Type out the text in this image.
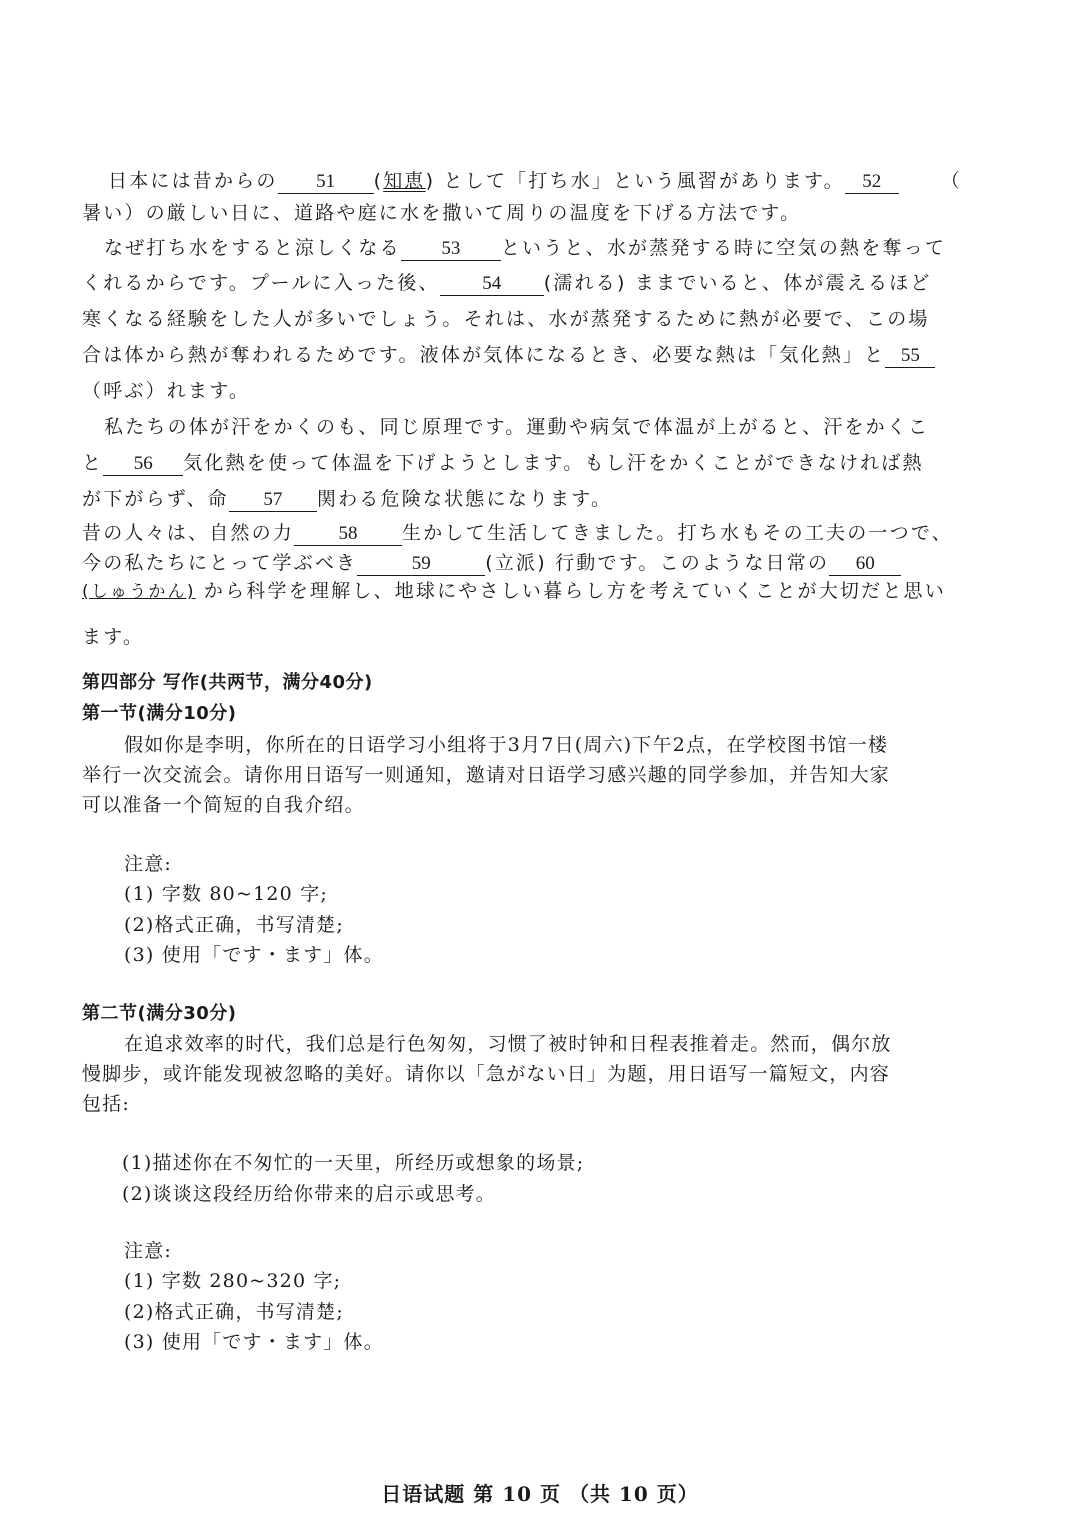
日本には昔からの 51 (知恵) として「打ち水」という風習があります。 52	（
暑い）の厳しい日に、道路や庭に水を撒いて周りの温度を下げる方法です。
なぜ打ち水をすると涼しくなる 53 というと、水が蒸発する時に空気の熱を奪って
くれるからです。プールに入った後、 54 (濡れる) ままでいると、体が震えるほど
寒くなる経験をした人が多いでしょう。それは、水が蒸発するために熱が必要で、この場
合は体から熱が奪われるためです。液体が気体になるとき、必要な熱は「気化熱」と 55
（呼ぶ）れます。
私たちの体が汗をかくのも、同じ原理です。運動や病気で体温が上がると、汗をかくこ
と 56 気化熱を使って体温を下げようとします。もし汗をかくことができなければ熱
が下がらず、命 57 関わる危険な状態になります。
昔の人々は、自然の力 58 生かして生活してきました。打ち水もその工夫の一つで、
今の私たちにとって学ぶべき	59	(立派) 行動です。このような日常の 60
(しゅうかん) から科学を理解し、地球にやさしい暮らし方を考えていくことが大切だと思い
ます。
第四部分 写作(共两节，满分40分)
第一节(满分10分)
假如你是李明，你所在的日语学习小组将于3月7日(周六)下午2点，在学校图书馆一楼
举行一次交流会。请你用日语写一则通知，邀请对日语学习感兴趣的同学参加，并告知大家
可以准备一个简短的自我介绍。
注意:
(1) 字数 80~120 字;
(2)格式正确，书写清楚;
(3) 使用「です・ます」体。
第二节(满分30分)
在追求效率的时代，我们总是行色匆匆，习惯了被时钟和日程表推着走。然而，偶尔放
慢脚步，或许能发现被忽略的美好。请你以「急がない日」为题，用日语写一篇短文，内容
包括:
(1)描述你在不匆忙的一天里，所经历或想象的场景;
(2)谈谈这段经历给你带来的启示或思考。
注意:
(1) 字数 280~320 字;
(2)格式正确，书写清楚;
(3) 使用「です・ます」体。
日语试题 第 10 页 （共 10 页）
